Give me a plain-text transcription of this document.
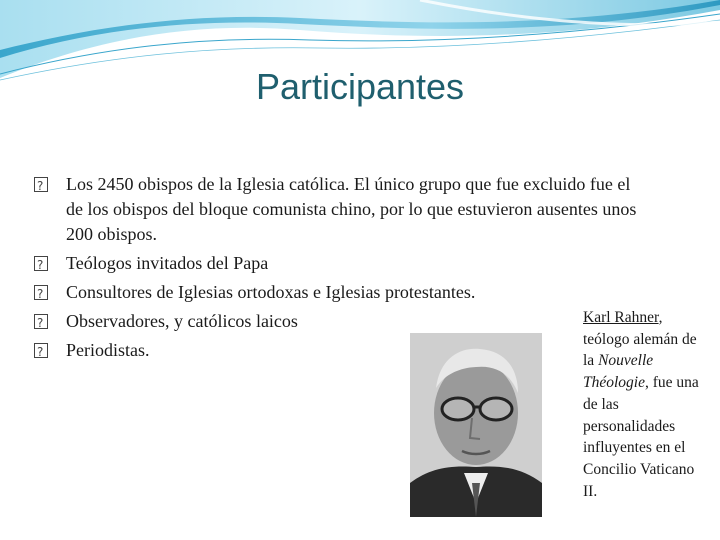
Participantes
?
Los 2450 obispos de la Iglesia católica. El único grupo que fue excluido fue el de los obispos del bloque comunista chino, por lo que estuvieron ausentes unos 200 obispos.
?
Teólogos invitados del Papa
?
Consultores de Iglesias ortodoxas e Iglesias protestantes.
?
Observadores, y católicos laicos
?
Periodistas.
Karl Rahner, teólogo alemán de la Nouvelle Théologie, fue una de las personalidades influyentes en el Concilio Vaticano II.
